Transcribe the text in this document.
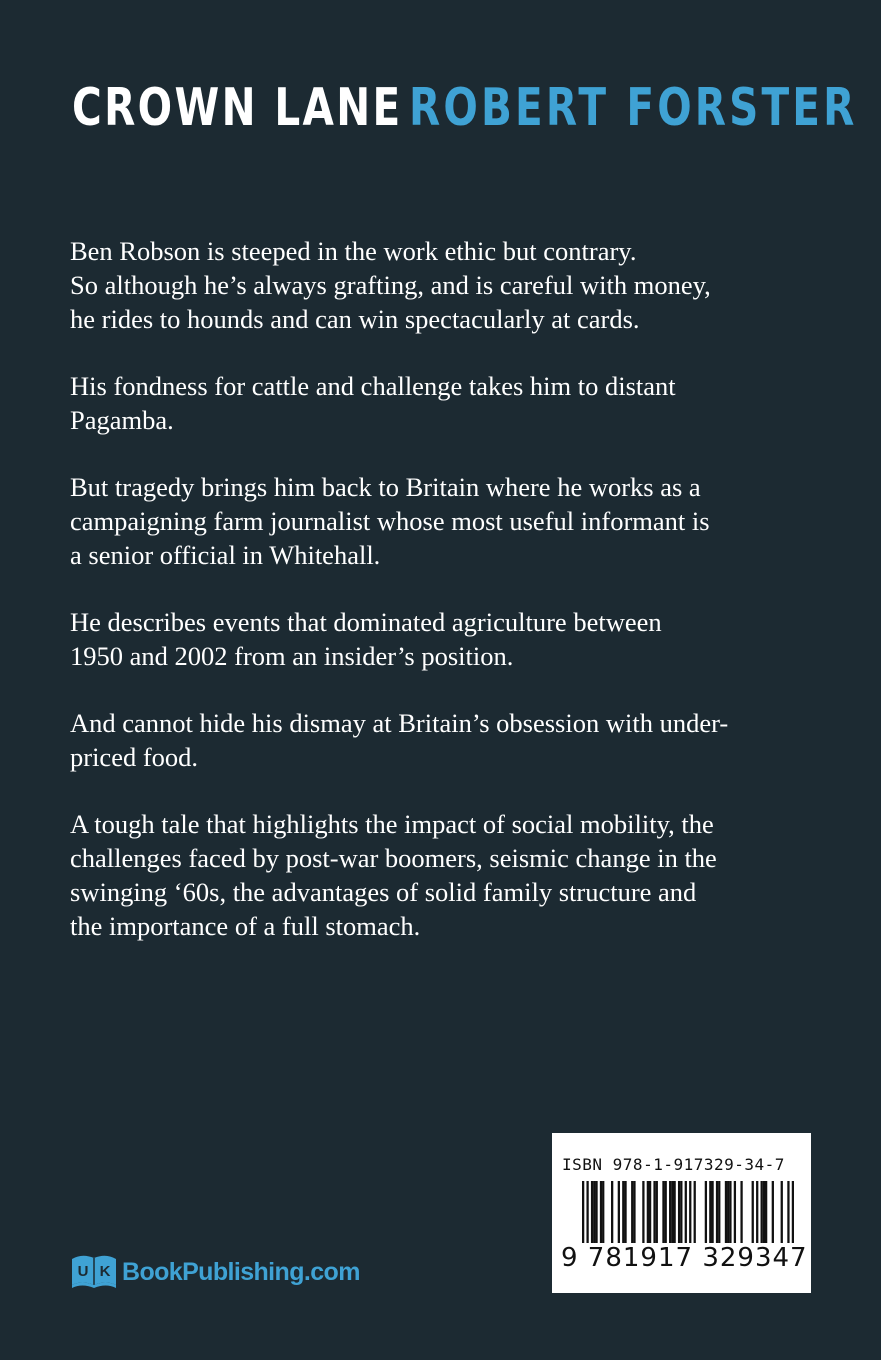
CROWN LANE ROBERT FORSTER

Ben Robson is steeped in the work ethic but contrary.
So although he’s always grafting, and is careful with money,
he rides to hounds and can win spectacularly at cards.

His fondness for cattle and challenge takes him to distant
Pagamba.

But tragedy brings him back to Britain where he works as a
campaigning farm journalist whose most useful informant is
a senior official in Whitehall.

He describes events that dominated agriculture between
1950 and 2002 from an insider’s position.

And cannot hide his dismay at Britain’s obsession with under-
priced food.

A tough tale that highlights the impact of social mobility, the
challenges faced by post-war boomers, seismic change in the
swinging ‘60s, the advantages of solid family structure and
the importance of a full stomach.

U K BookPublishing.com
ISBN 978-1-917329-34-7
9 781917 329347
